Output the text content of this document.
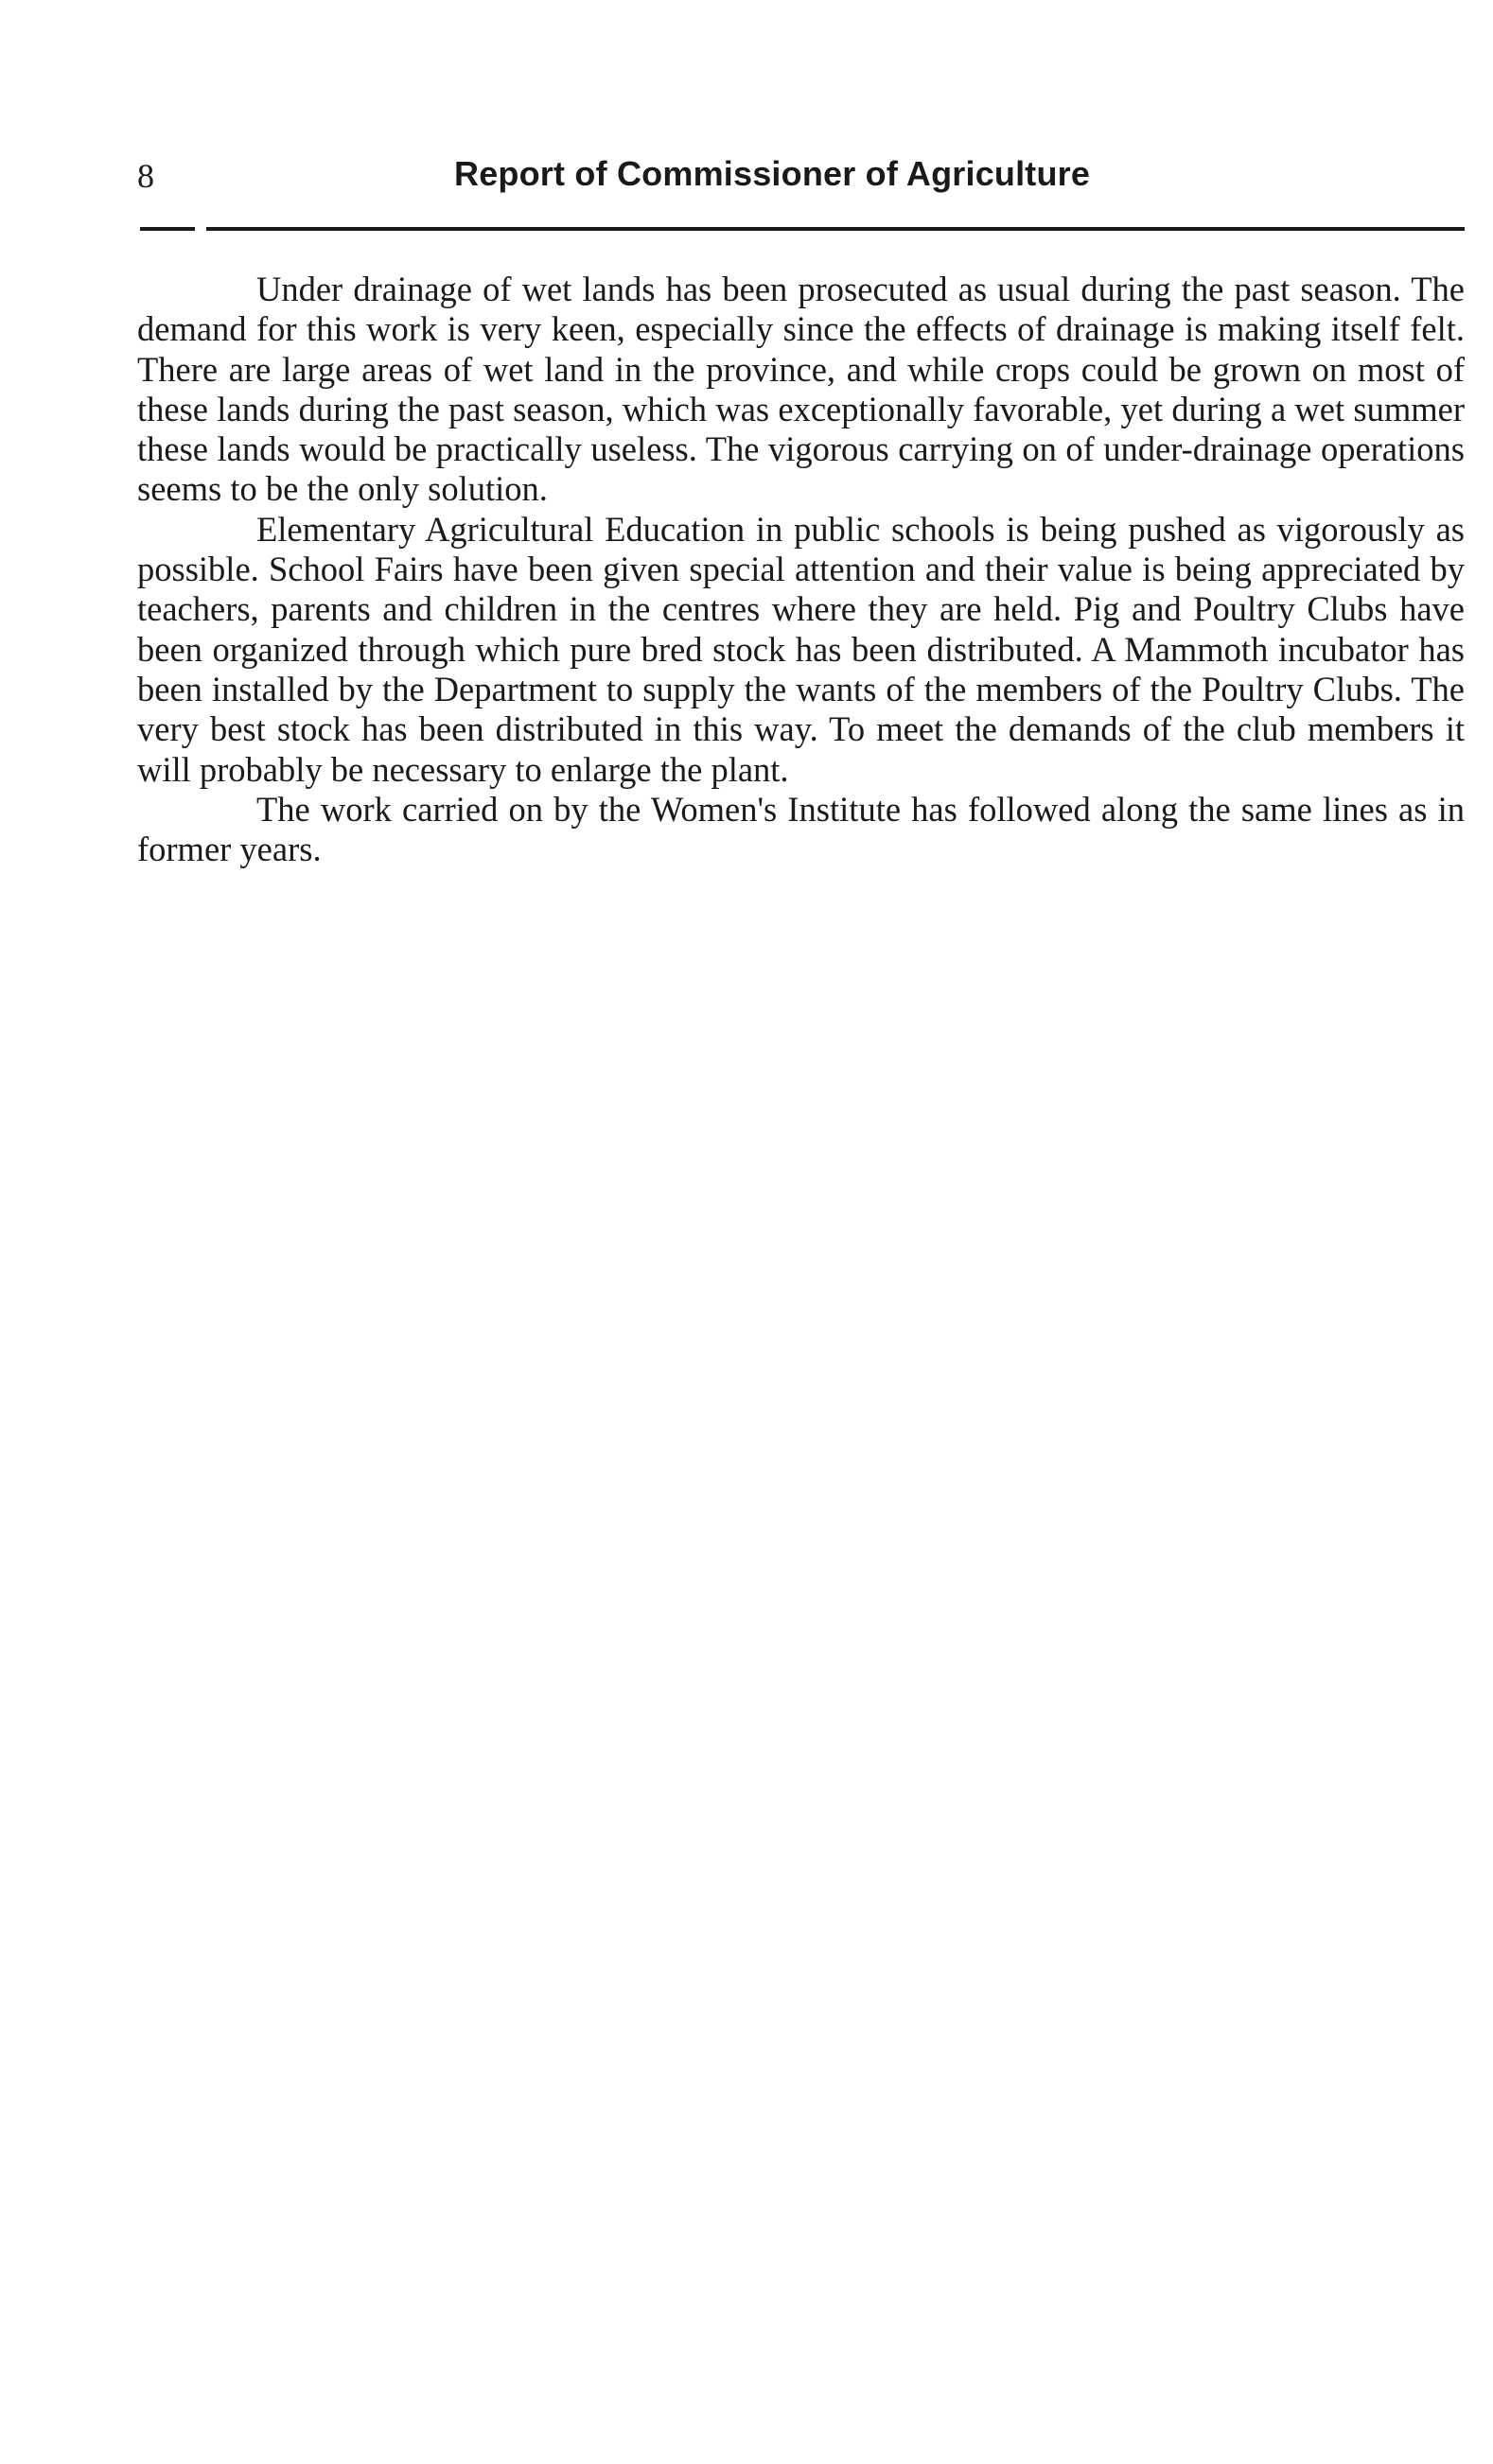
8	Report of Commissioner of Agriculture

Under drainage of wet lands has been prosecuted as usual during the past season. The demand for this work is very keen, especially since the effects of drainage is making itself felt. There are large areas of wet land in the province, and while crops could be grown on most of these lands during the past season, which was exceptionally favorable, yet during a wet summer these lands would be practically useless. The vigorous carrying on of under-drainage operations seems to be the only solution.

Elementary Agricultural Education in public schools is being pushed as vigorously as possible. School Fairs have been given special attention and their value is being appreciated by teachers, parents and children in the centres where they are held. Pig and Poultry Clubs have been organized through which pure bred stock has been distributed. A Mammoth incubator has been installed by the Department to supply the wants of the members of the Poultry Clubs. The very best stock has been distributed in this way. To meet the demands of the club members it will probably be necessary to enlarge the plant.

The work carried on by the Women's Institute has followed along the same lines as in former years.
